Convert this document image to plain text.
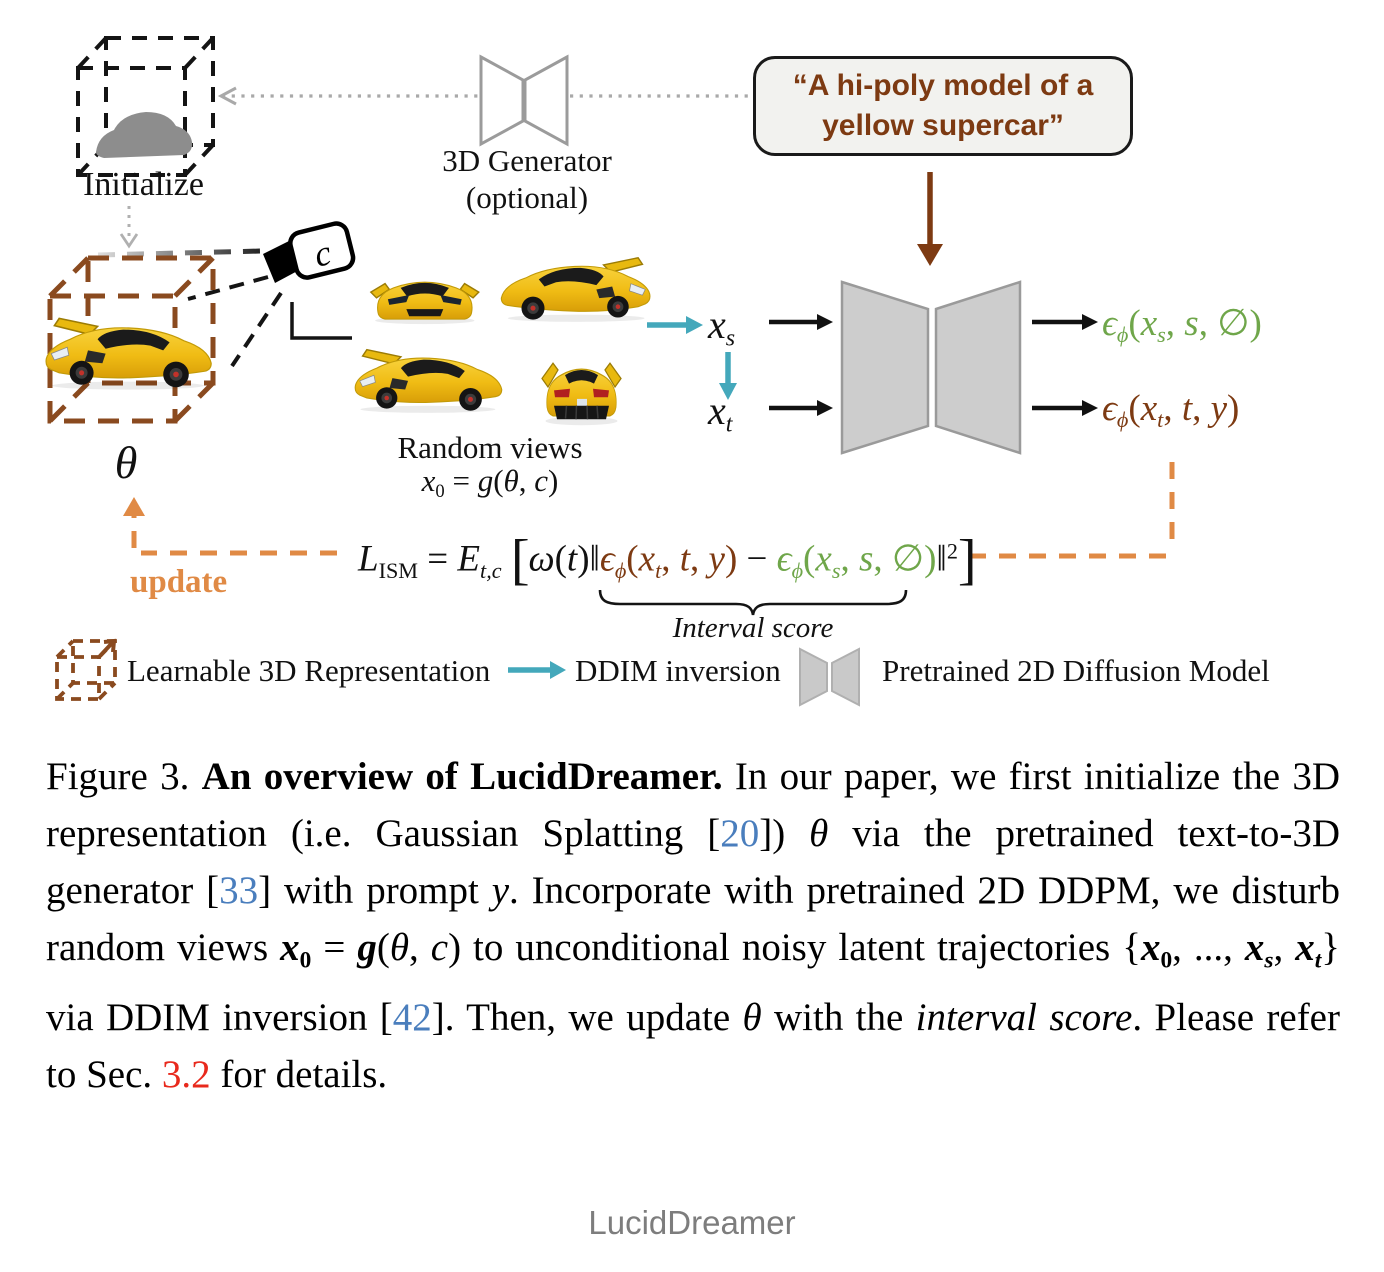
c
Initialize
3D Generator
(optional)
“A hi-poly model of a
yellow supercar”
θ	Random views
x0 = g(θ, c)
xs
xt
ϵϕ(xs, s, ∅)
ϵϕ(xt, t, y)
update
LISM = Et,c [ω(t)‖ϵϕ(xt, t, y) − ϵϕ(xs, s, ∅)‖$^2$]
Interval score
Learnable 3D Representation	DDIM inversion	Pretrained 2D Diffusion Model
Figure 3. An overview of LucidDreamer. In our paper, we first initialize the 3D representation (i.e. Gaussian Splatting [20]) θ via the pretrained text-to-3D generator [33] with prompt y. Incorporate with pretrained 2D DDPM, we disturb random views x0 = g(θ, c) to unconditional noisy latent trajectories {x0, ..., xs, xt} via DDIM inversion [42]. Then, we update θ with the interval score. Please refer to Sec. 3.2 for details.
LucidDreamer
